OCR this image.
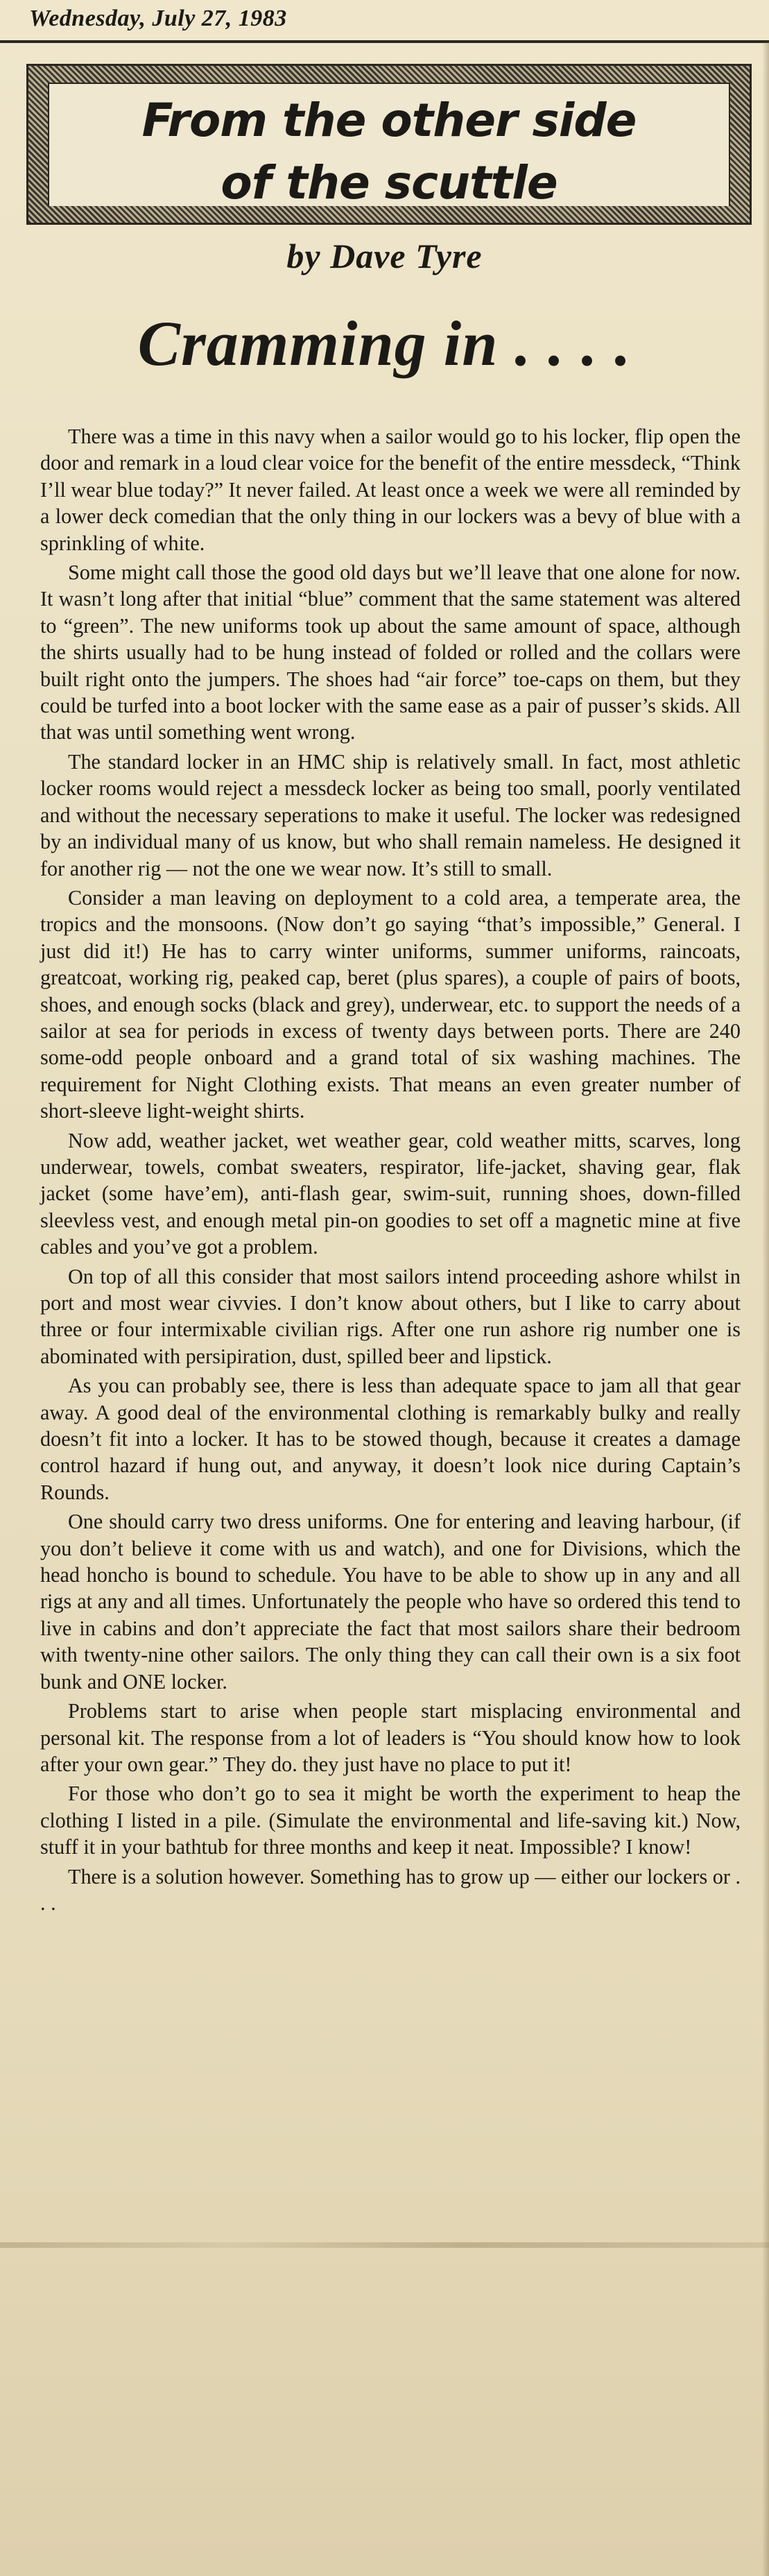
Wednesday, July 27, 1983
From the other side
of the scuttle
by Dave Tyre
Cramming in . . . .

There was a time in this navy when a sailor would go to his locker, flip open the door and remark in a loud clear voice for the benefit of the entire messdeck, “Think I’ll wear blue today?” It never failed. At least once a week we were all reminded by a lower deck comedian that the only thing in our lockers was a bevy of blue with a sprinkling of white.

Some might call those the good old days but we’ll leave that one alone for now. It wasn’t long after that initial “blue” comment that the same statement was altered to “green”. The new uniforms took up about the same amount of space, although the shirts usually had to be hung instead of folded or rolled and the collars were built right onto the jumpers. The shoes had “air force” toe-caps on them, but they could be turfed into a boot locker with the same ease as a pair of pusser’s skids. All that was until something went wrong.

The standard locker in an HMC ship is relatively small. In fact, most athletic locker rooms would reject a messdeck locker as being too small, poorly ventilated and without the necessary seperations to make it useful. The locker was redesigned by an individual many of us know, but who shall remain nameless. He designed it for another rig — not the one we wear now. It’s still to small.

Consider a man leaving on deployment to a cold area, a temperate area, the tropics and the monsoons. (Now don’t go saying “that’s impossible,” General. I just did it!) He has to carry winter uniforms, summer uniforms, raincoats, greatcoat, working rig, peaked cap, beret (plus spares), a couple of pairs of boots, shoes, and enough socks (black and grey), underwear, etc. to support the needs of a sailor at sea for periods in excess of twenty days between ports. There are 240 some-odd people onboard and a grand total of six washing machines. The requirement for Night Clothing exists. That means an even greater number of short-sleeve light-weight shirts.

Now add, weather jacket, wet weather gear, cold weather mitts, scarves, long underwear, towels, combat sweaters, respirator, life-jacket, shaving gear, flak jacket (some have’em), anti-flash gear, swim-suit, running shoes, down-filled sleevless vest, and enough metal pin-on goodies to set off a magnetic mine at five cables and you’ve got a problem.

On top of all this consider that most sailors intend proceeding ashore whilst in port and most wear civvies. I don’t know about others, but I like to carry about three or four intermixable civilian rigs. After one run ashore rig number one is abominated with persipiration, dust, spilled beer and lipstick.

As you can probably see, there is less than adequate space to jam all that gear away. A good deal of the environmental clothing is remarkably bulky and really doesn’t fit into a locker. It has to be stowed though, because it creates a damage control hazard if hung out, and anyway, it doesn’t look nice during Captain’s Rounds.

One should carry two dress uniforms. One for entering and leaving harbour, (if you don’t believe it come with us and watch), and one for Divisions, which the head honcho is bound to schedule. You have to be able to show up in any and all rigs at any and all times. Unfortunately the people who have so ordered this tend to live in cabins and don’t appreciate the fact that most sailors share their bedroom with twenty-nine other sailors. The only thing they can call their own is a six foot bunk and ONE locker.

Problems start to arise when people start misplacing environmental and personal kit. The response from a lot of leaders is “You should know how to look after your own gear.” They do. they just have no place to put it!

For those who don’t go to sea it might be worth the experiment to heap the clothing I listed in a pile. (Simulate the environmental and life-saving kit.) Now, stuff it in your bathtub for three months and keep it neat. Impossible? I know!

There is a solution however. Something has to grow up — either our lockers or . . .
